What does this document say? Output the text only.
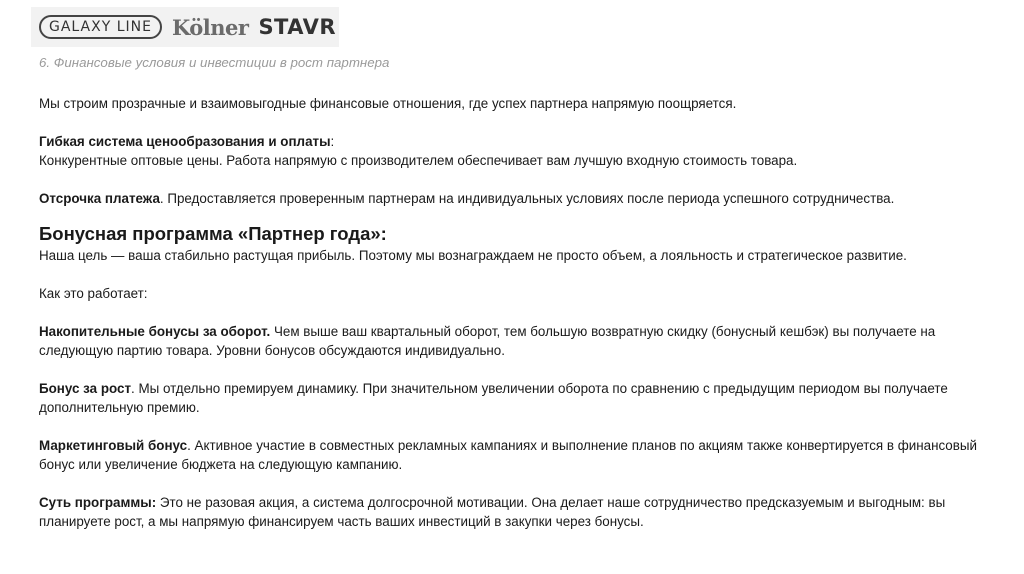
GALAXY LINE Kölner STAVR
6. Финансовые условия и инвестиции в рост партнера

Мы строим прозрачные и взаимовыгодные финансовые отношения, где успех партнера напрямую поощряется.

Гибкая система ценообразования и оплаты:
Конкурентные оптовые цены. Работа напрямую с производителем обеспечивает вам лучшую входную стоимость товара.

Отсрочка платежа. Предоставляется проверенным партнерам на индивидуальных условиях после периода успешного сотрудничества.

Бонусная программа «Партнер года»:

Наша цель — ваша стабильно растущая прибыль. Поэтому мы вознаграждаем не просто объем, а лояльность и стратегическое развитие.

Как это работает:

Накопительные бонусы за оборот. Чем выше ваш квартальный оборот, тем большую возвратную скидку (бонусный кешбэк) вы получаете на следующую партию товара. Уровни бонусов обсуждаются индивидуально.

Бонус за рост. Мы отдельно премируем динамику. При значительном увеличении оборота по сравнению с предыдущим периодом вы получаете дополнительную премию.

Маркетинговый бонус. Активное участие в совместных рекламных кампаниях и выполнение планов по акциям также конвертируется в финансовый бонус или увеличение бюджета на следующую кампанию.

Суть программы: Это не разовая акция, а система долгосрочной мотивации. Она делает наше сотрудничество предсказуемым и выгодным: вы планируете рост, а мы напрямую финансируем часть ваших инвестиций в закупки через бонусы.
